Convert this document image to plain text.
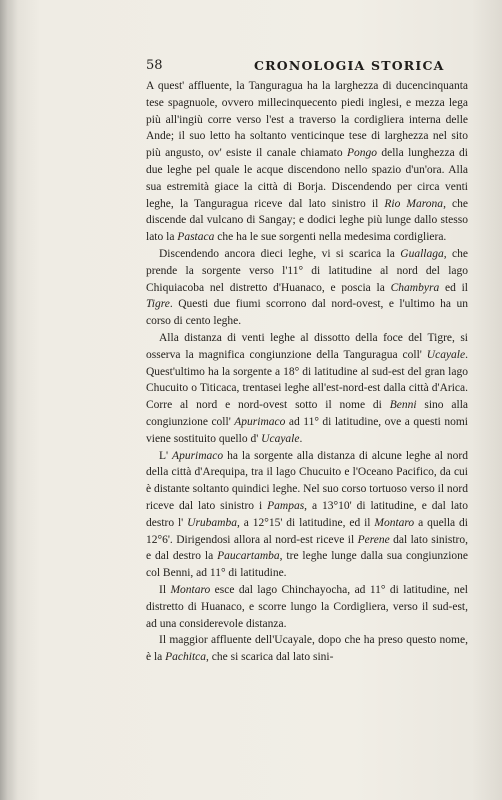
58	CRONOLOGIA STORICA

A quest' affluente, la Tanguragua ha la larghezza di ducencinquanta tese spagnuole, ovvero millecinquecento piedi inglesi, e mezza lega più all'ingiù corre verso l'est a traverso la cordigliera interna delle Ande; il suo letto ha soltanto venticinque tese di larghezza nel sito più angusto, ov' esiste il canale chiamato Pongo della lunghezza di due leghe pel quale le acque discendono nello spazio d'un'ora. Alla sua estremità giace la città di Borja. Discendendo per circa venti leghe, la Tanguragua riceve dal lato sinistro il Rio Marona, che discende dal vulcano di Sangay; e dodici leghe più lunge dallo stesso lato la Pastaca che ha le sue sorgenti nella medesima cordigliera.

Discendendo ancora dieci leghe, vi si scarica la Guallaga, che prende la sorgente verso l'11° di latitudine al nord del lago Chiquiacoba nel distretto d'Huanaco, e poscia la Chambyra ed il Tigre. Questi due fiumi scorrono dal nord-ovest, e l'ultimo ha un corso di cento leghe.

Alla distanza di venti leghe al dissotto della foce del Tigre, si osserva la magnifica congiunzione della Tanguragua coll' Ucayale. Quest'ultimo ha la sorgente a 18° di latitudine al sud-est del gran lago Chucuito o Titicaca, trentasei leghe all'est-nord-est dalla città d'Arica. Corre al nord e nord-ovest sotto il nome di Benni sino alla congiunzione coll' Apurimaco ad 11° di latitudine, ove a questi nomi viene sostituito quello d' Ucayale.

L' Apurimaco ha la sorgente alla distanza di alcune leghe al nord della città d'Arequipa, tra il lago Chucuito e l'Oceano Pacifico, da cui è distante soltanto quindici leghe. Nel suo corso tortuoso verso il nord riceve dal lato sinistro i Pampas, a 13°10' di latitudine, e dal lato destro l' Urubamba, a 12°15' di latitudine, ed il Montaro a quella di 12°6'. Dirigendosi allora al nord-est riceve il Perene dal lato sinistro, e dal destro la Paucartamba, tre leghe lunge dalla sua congiunzione col Benni, ad 11° di latitudine.

Il Montaro esce dal lago Chinchayocha, ad 11° di latitudine, nel distretto di Huanaco, e scorre lungo la Cordigliera, verso il sud-est, ad una considerevole distanza.

Il maggior affluente dell'Ucayale, dopo che ha preso questo nome, è la Pachitca, che si scarica dal lato sini-
